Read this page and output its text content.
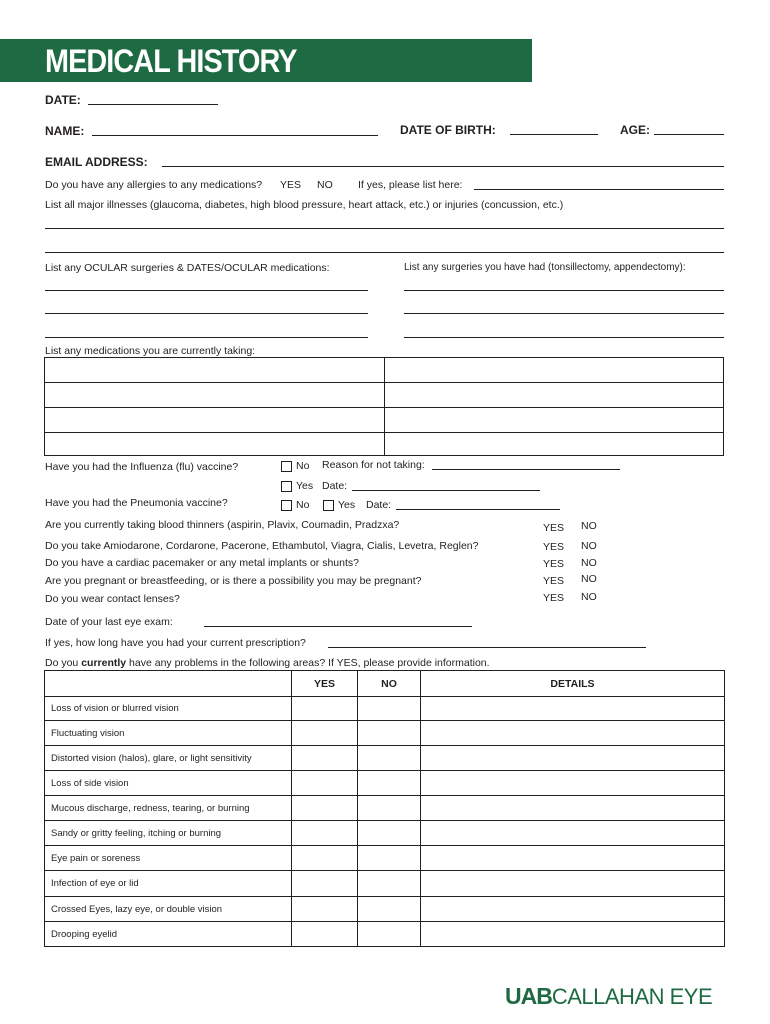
MEDICAL HISTORY
DATE:
NAME:	DATE OF BIRTH:	AGE:
EMAIL ADDRESS:
Do you have any allergies to any medications? YES NO If yes, please list here:
List all major illnesses (glaucoma, diabetes, high blood pressure, heart attack, etc.) or injuries (concussion, etc.)
List any OCULAR surgeries & DATES/OCULAR medications:	List any surgeries you have had (tonsillectomy, appendectomy):
List any medications you are currently taking:

Have you had the Influenza (flu) vaccine?	No Reason for not taking:
Yes Date:
Have you had the Pneumonia vaccine?	No	Yes Date:
Are you currently taking blood thinners (aspirin, Plavix, Coumadin, Pradzxa?	YES NO
Do you take Amiodarone, Cordarone, Pacerone, Ethambutol, Viagra, Cialis, Levetra, Reglen?	YES NO
Do you have a cardiac pacemaker or any metal implants or shunts?	YES NO
Are you pregnant or breastfeeding, or is there a possibility you may be pregnant?	YES NO
Do you wear contact lenses?	YES NO
Date of your last eye exam:
If yes, how long have you had your current prescription?
Do you currently have any problems in the following areas? If YES, please provide information.
	YES	NO	DETAILS
Loss of vision or blurred vision			
Fluctuating vision			
Distorted vision (halos), glare, or light sensitivity			
Loss of side vision			
Mucous discharge, redness, tearing, or burning			
Sandy or gritty feeling, itching or burning			
Eye pain or soreness			
Infection of eye or lid			
Crossed Eyes, lazy eye, or double vision			
Drooping eyelid			
UABCALLAHAN EYE
